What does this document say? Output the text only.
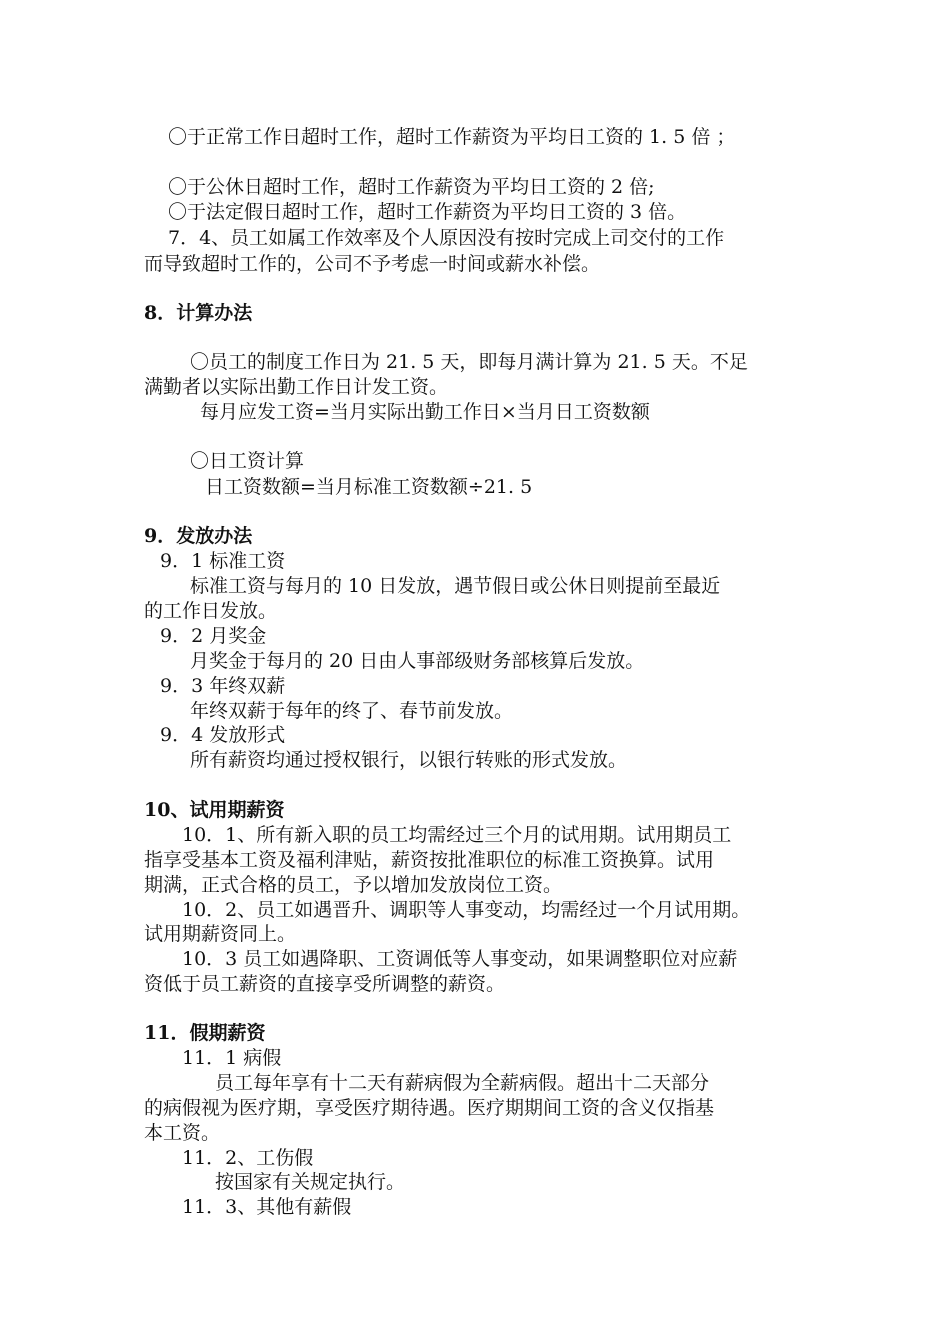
〇于正常工作日超时工作，超时工作薪资为平均日工资的 1. 5 倍 ；
〇于公休日超时工作，超时工作薪资为平均日工资的 2 倍;
〇于法定假日超时工作，超时工作薪资为平均日工资的 3 倍。
7．4、员工如属工作效率及个人原因没有按时完成上司交付的工作
而导致超时工作的，公司不予考虑一时间或薪水补偿。
8．计算办法
〇员工的制度工作日为 21. 5 天，即每月满计算为 21. 5 天。不足
满勤者以实际出勤工作日计发工资。
每月应发工资=当月实际出勤工作日×当月日工资数额
〇日工资计算
日工资数额=当月标准工资数额÷21. 5
9．发放办法
9．1 标准工资
标准工资与每月的 10 日发放，遇节假日或公休日则提前至最近
的工作日发放。
9．2 月奖金
月奖金于每月的 20 日由人事部级财务部核算后发放。
9．3 年终双薪
年终双薪于每年的终了、春节前发放。
9．4 发放形式
所有薪资均通过授权银行，以银行转账的形式发放。
10、试用期薪资
10．1、所有新入职的员工均需经过三个月的试用期。试用期员工
指享受基本工资及福利津贴，薪资按批准职位的标准工资换算。试用
期满，正式合格的员工，予以增加发放岗位工资。
10．2、员工如遇晋升、调职等人事变动，均需经过一个月试用期。
试用期薪资同上。
10．3 员工如遇降职、工资调低等人事变动，如果调整职位对应薪
资低于员工薪资的直接享受所调整的薪资。
11．假期薪资
11．1 病假
员工每年享有十二天有薪病假为全薪病假。超出十二天部分
的病假视为医疗期，享受医疗期待遇。医疗期期间工资的含义仅指基
本工资。
11．2、工伤假
按国家有关规定执行。
11．3、其他有薪假
